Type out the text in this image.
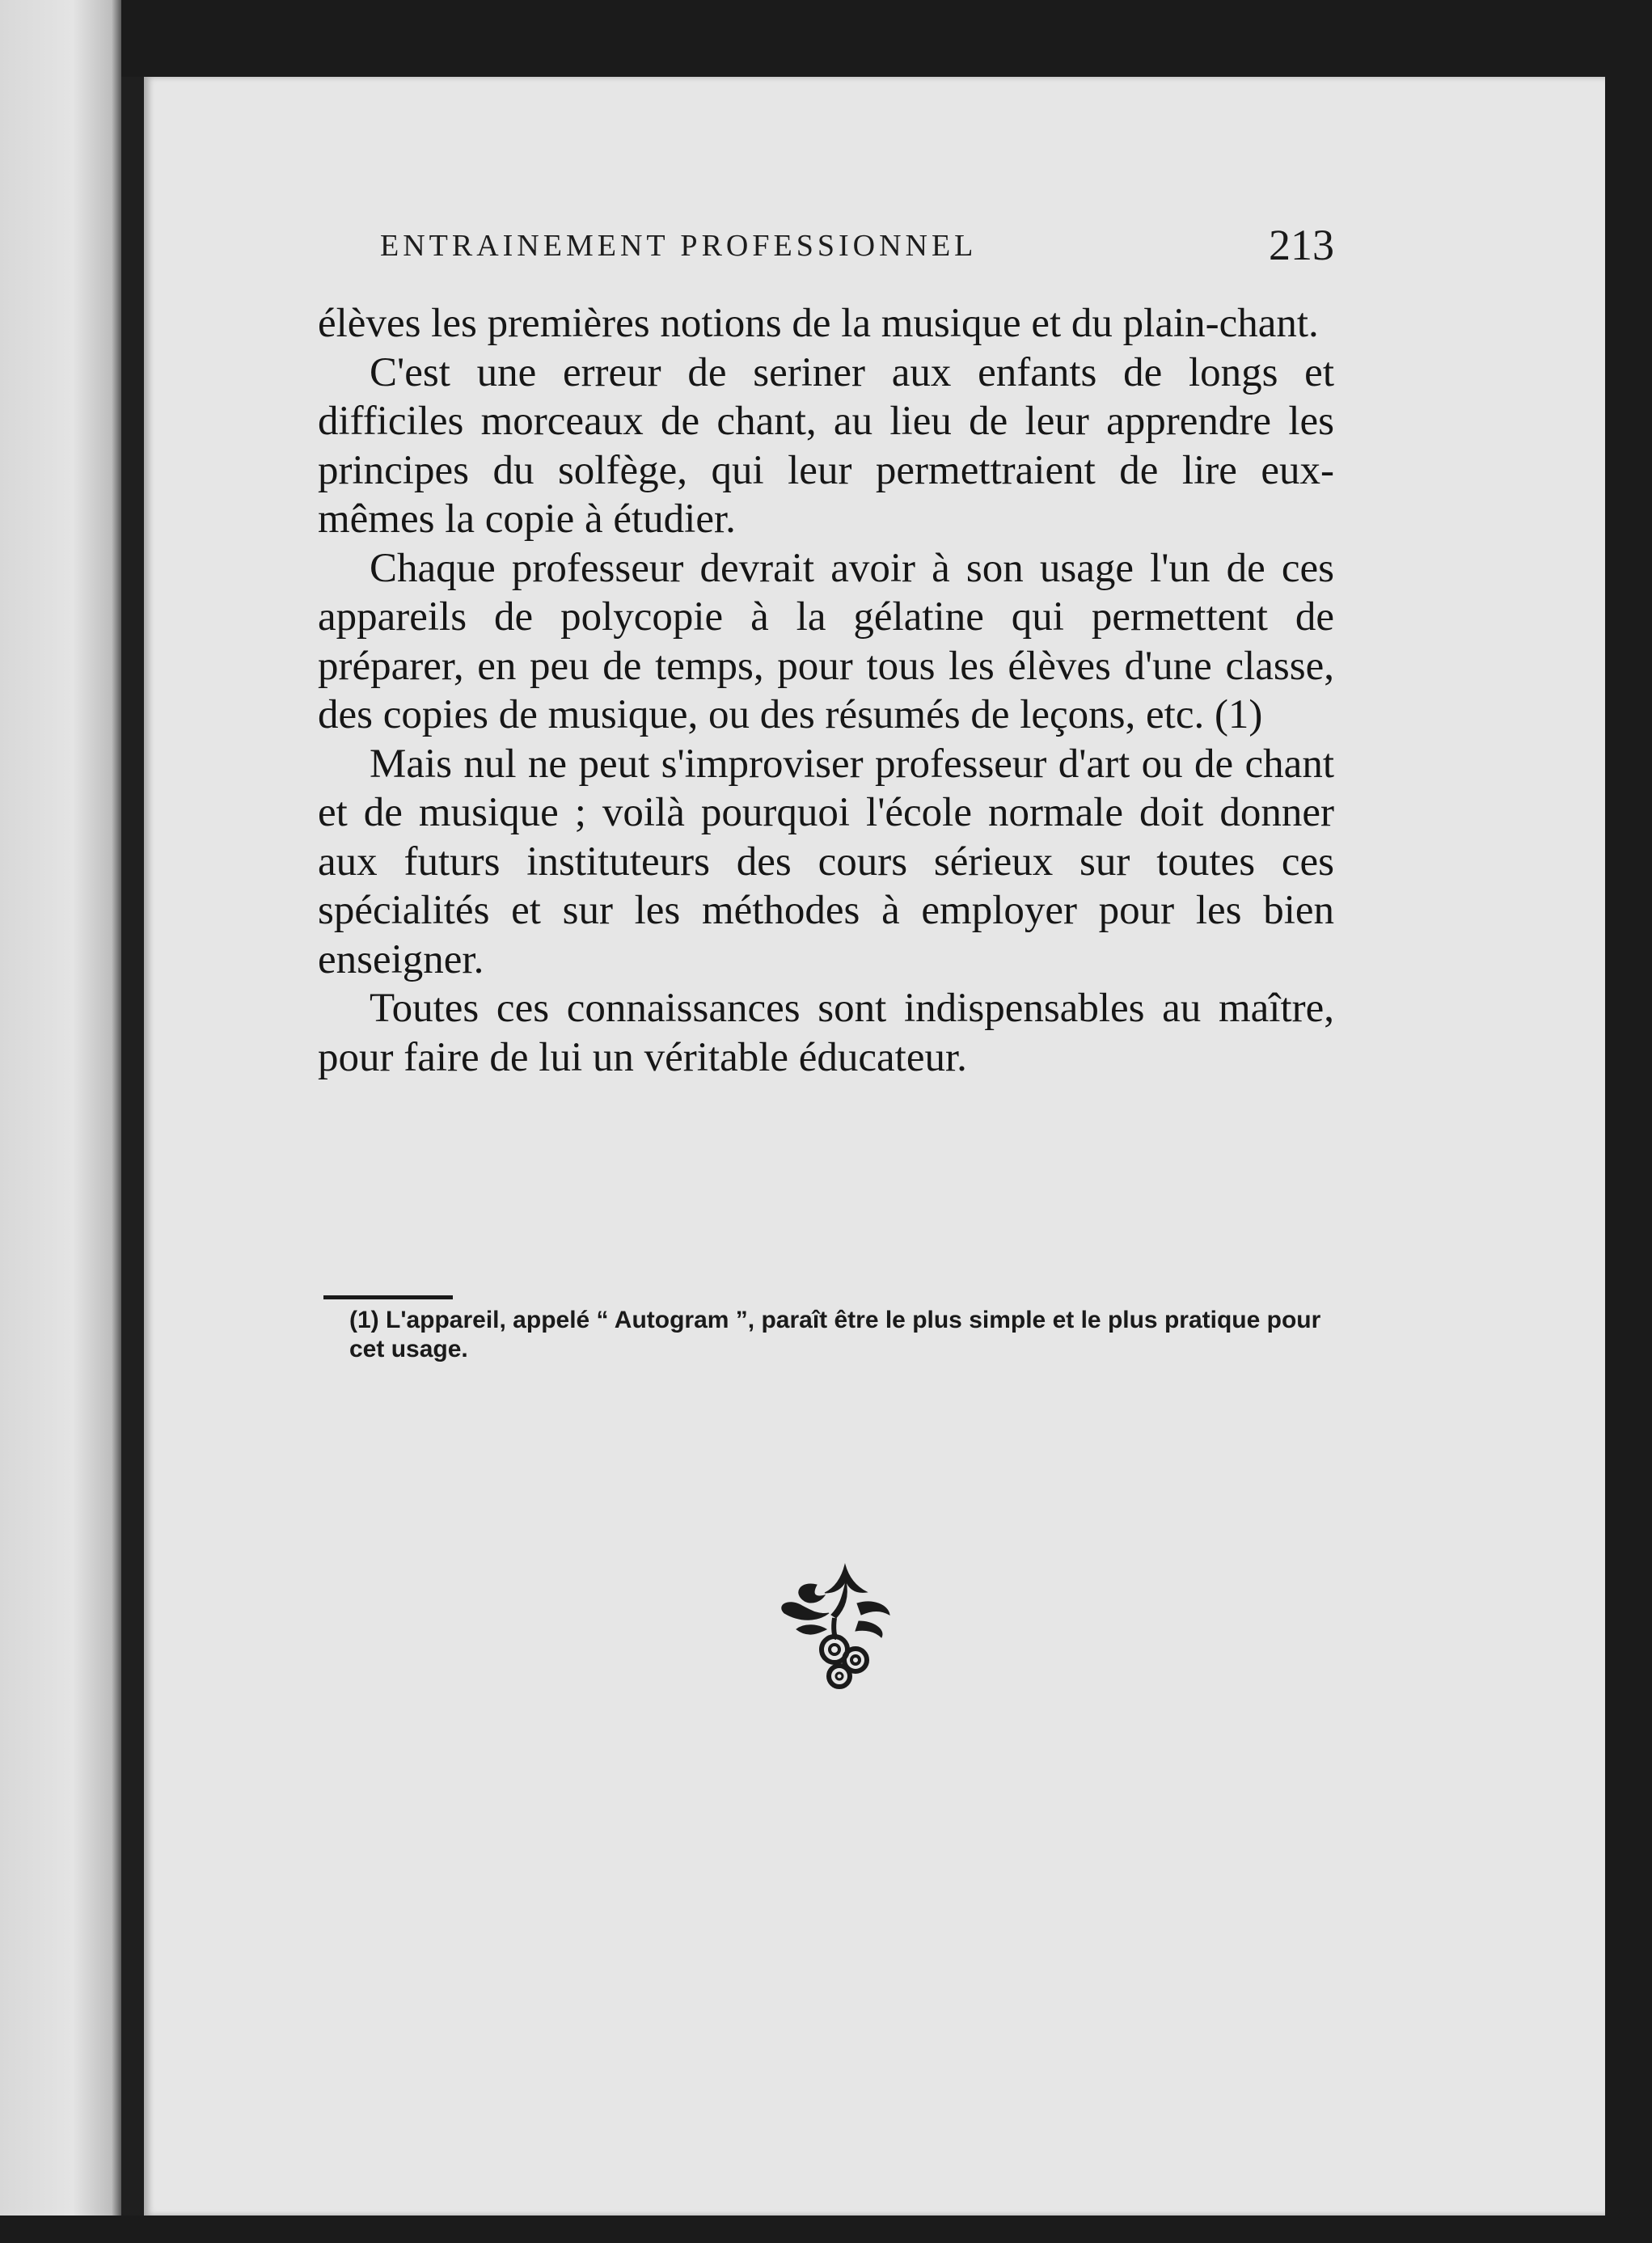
ENTRAINEMENT PROFESSIONNEL	213

élèves les premières notions de la musique et du plain-chant.

C'est une erreur de seriner aux enfants de longs et difficiles morceaux de chant, au lieu de leur apprendre les principes du solfège, qui leur permettraient de lire eux-mêmes la copie à étudier.

Chaque professeur devrait avoir à son usage l'un de ces appareils de polycopie à la gélatine qui permettent de préparer, en peu de temps, pour tous les élèves d'une classe, des copies de musique, ou des résumés de leçons, etc. (1)

Mais nul ne peut s'improviser professeur d'art ou de chant et de musique ; voilà pourquoi l'école normale doit donner aux futurs instituteurs des cours sérieux sur toutes ces spécialités et sur les méthodes à employer pour les bien enseigner.

Toutes ces connaissances sont indispensables au maître, pour faire de lui un véritable éducateur.

(1) L'appareil, appelé “ Autogram ”, paraît être le plus simple et le plus pratique pour cet usage.
